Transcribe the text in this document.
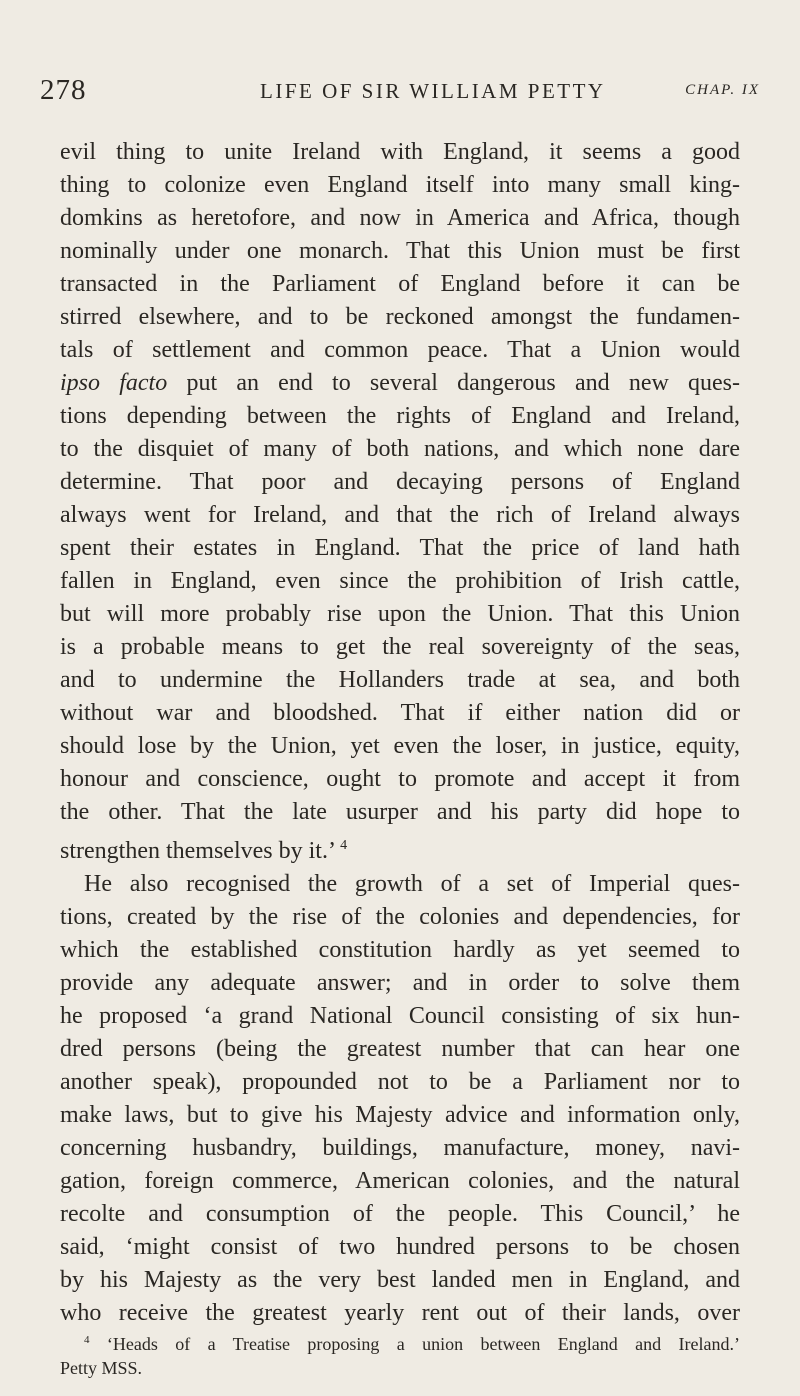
278	LIFE OF SIR WILLIAM PETTY	CHAP. IX
evil thing to unite Ireland with England, it seems a good
thing to colonize even England itself into many small king-
domkins as heretofore, and now in America and Africa, though
nominally under one monarch. That this Union must be first
transacted in the Parliament of England before it can be
stirred elsewhere, and to be reckoned amongst the fundamen-
tals of settlement and common peace. That a Union would
ipso facto put an end to several dangerous and new ques-
tions depending between the rights of England and Ireland,
to the disquiet of many of both nations, and which none dare
determine. That poor and decaying persons of England
always went for Ireland, and that the rich of Ireland always
spent their estates in England. That the price of land hath
fallen in England, even since the prohibition of Irish cattle,
but will more probably rise upon the Union. That this Union
is a probable means to get the real sovereignty of the seas,
and to undermine the Hollanders trade at sea, and both
without war and bloodshed. That if either nation did or
should lose by the Union, yet even the loser, in justice, equity,
honour and conscience, ought to promote and accept it from
the other. That the late usurper and his party did hope to
strengthen themselves by it.’ $^4$
He also recognised the growth of a set of Imperial ques-
tions, created by the rise of the colonies and dependencies, for
which the established constitution hardly as yet seemed to
provide any adequate answer; and in order to solve them
he proposed ‘a grand National Council consisting of six hun-
dred persons (being the greatest number that can hear one
another speak), propounded not to be a Parliament nor to
make laws, but to give his Majesty advice and information only,
concerning husbandry, buildings, manufacture, money, navi-
gation, foreign commerce, American colonies, and the natural
recolte and consumption of the people. This Council,’ he
said, ‘might consist of two hundred persons to be chosen
by his Majesty as the very best landed men in England, and
who receive the greatest yearly rent out of their lands, over
$^4$ ‘Heads of a Treatise proposing a union between England and Ireland.’
Petty MSS.
